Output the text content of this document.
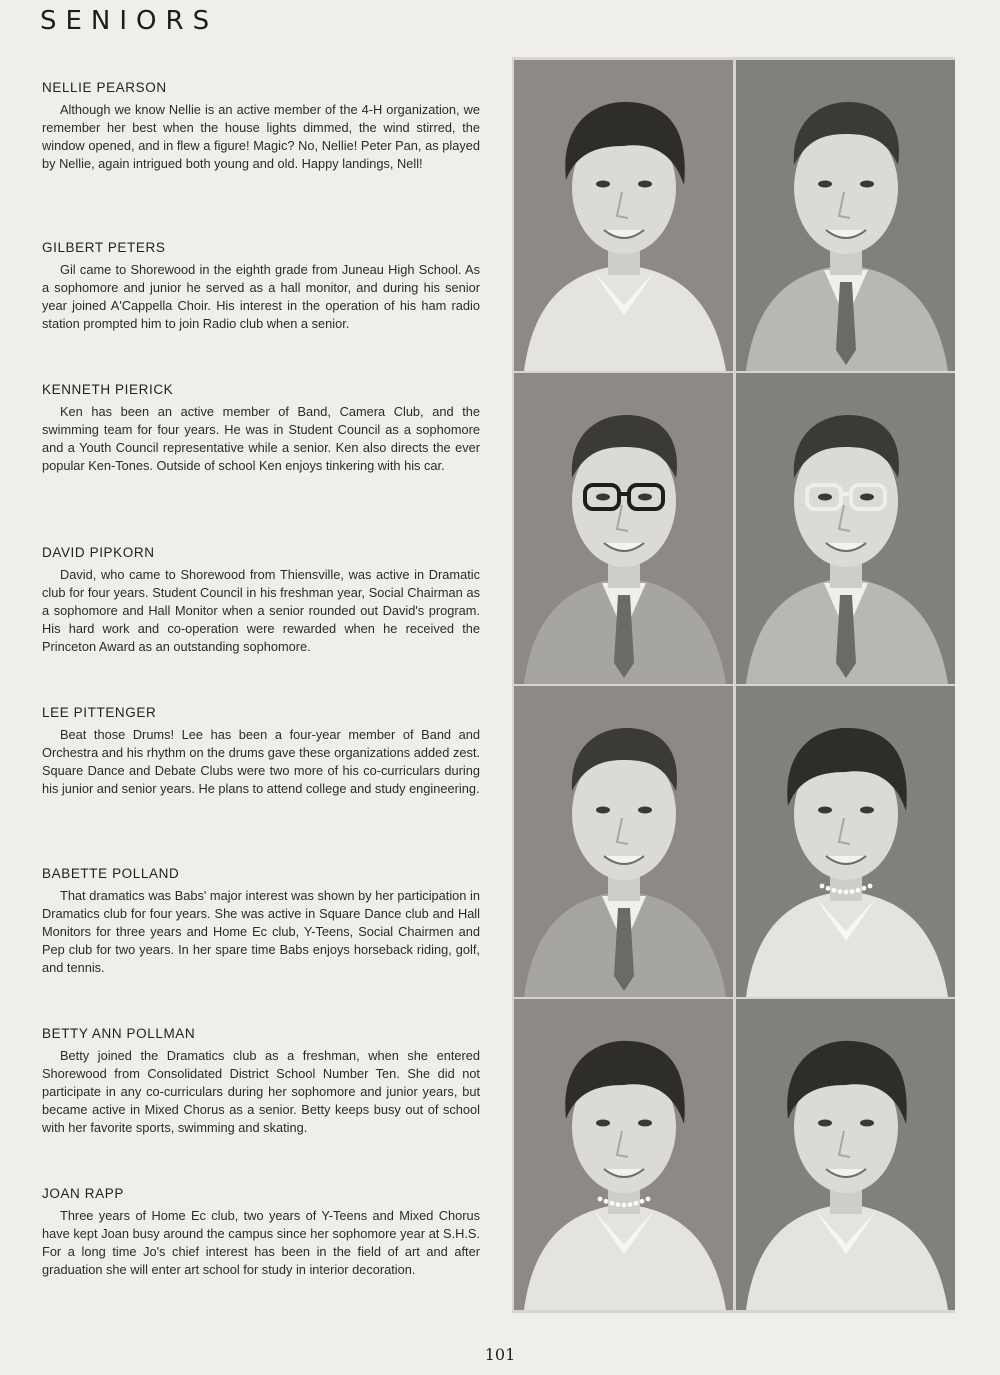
SENIORS

NELLIE PEARSON

Although we know Nellie is an active member of the 4-H organization, we remember her best when the house lights dimmed, the wind stirred, the window opened, and in flew a figure! Magic? No, Nellie! Peter Pan, as played by Nellie, again intrigued both young and old. Happy landings, Nell!

GILBERT PETERS

Gil came to Shorewood in the eighth grade from Juneau High School. As a sophomore and junior he served as a hall monitor, and during his senior year joined A'Cappella Choir. His interest in the operation of his ham radio station prompted him to join Radio club when a senior.

KENNETH PIERICK

Ken has been an active member of Band, Camera Club, and the swimming team for four years. He was in Student Council as a sophomore and a Youth Council representative while a senior. Ken also directs the ever popular Ken-Tones. Outside of school Ken enjoys tinkering with his car.

DAVID PIPKORN

David, who came to Shorewood from Thiensville, was active in Dramatic club for four years. Student Council in his freshman year, Social Chairman as a sophomore and Hall Monitor when a senior rounded out David's program. His hard work and co-operation were rewarded when he received the Princeton Award as an outstanding sophomore.

LEE PITTENGER

Beat those Drums! Lee has been a four-year member of Band and Orchestra and his rhythm on the drums gave these organizations added zest. Square Dance and Debate Clubs were two more of his co-curriculars during his junior and senior years. He plans to attend college and study engineering.

BABETTE POLLAND

That dramatics was Babs' major interest was shown by her participation in Dramatics club for four years. She was active in Square Dance club and Hall Monitors for three years and Home Ec club, Y-Teens, Social Chairmen and Pep club for two years. In her spare time Babs enjoys horseback riding, golf, and tennis.

BETTY ANN POLLMAN

Betty joined the Dramatics club as a freshman, when she entered Shorewood from Consolidated District School Number Ten. She did not participate in any co-curriculars during her sophomore and junior years, but became active in Mixed Chorus as a senior. Betty keeps busy out of school with her favorite sports, swimming and skating.

JOAN RAPP

Three years of Home Ec club, two years of Y-Teens and Mixed Chorus have kept Joan busy around the campus since her sophomore year at S.H.S. For a long time Jo's chief interest has been in the field of art and after graduation she will enter art school for study in interior decoration.

101
